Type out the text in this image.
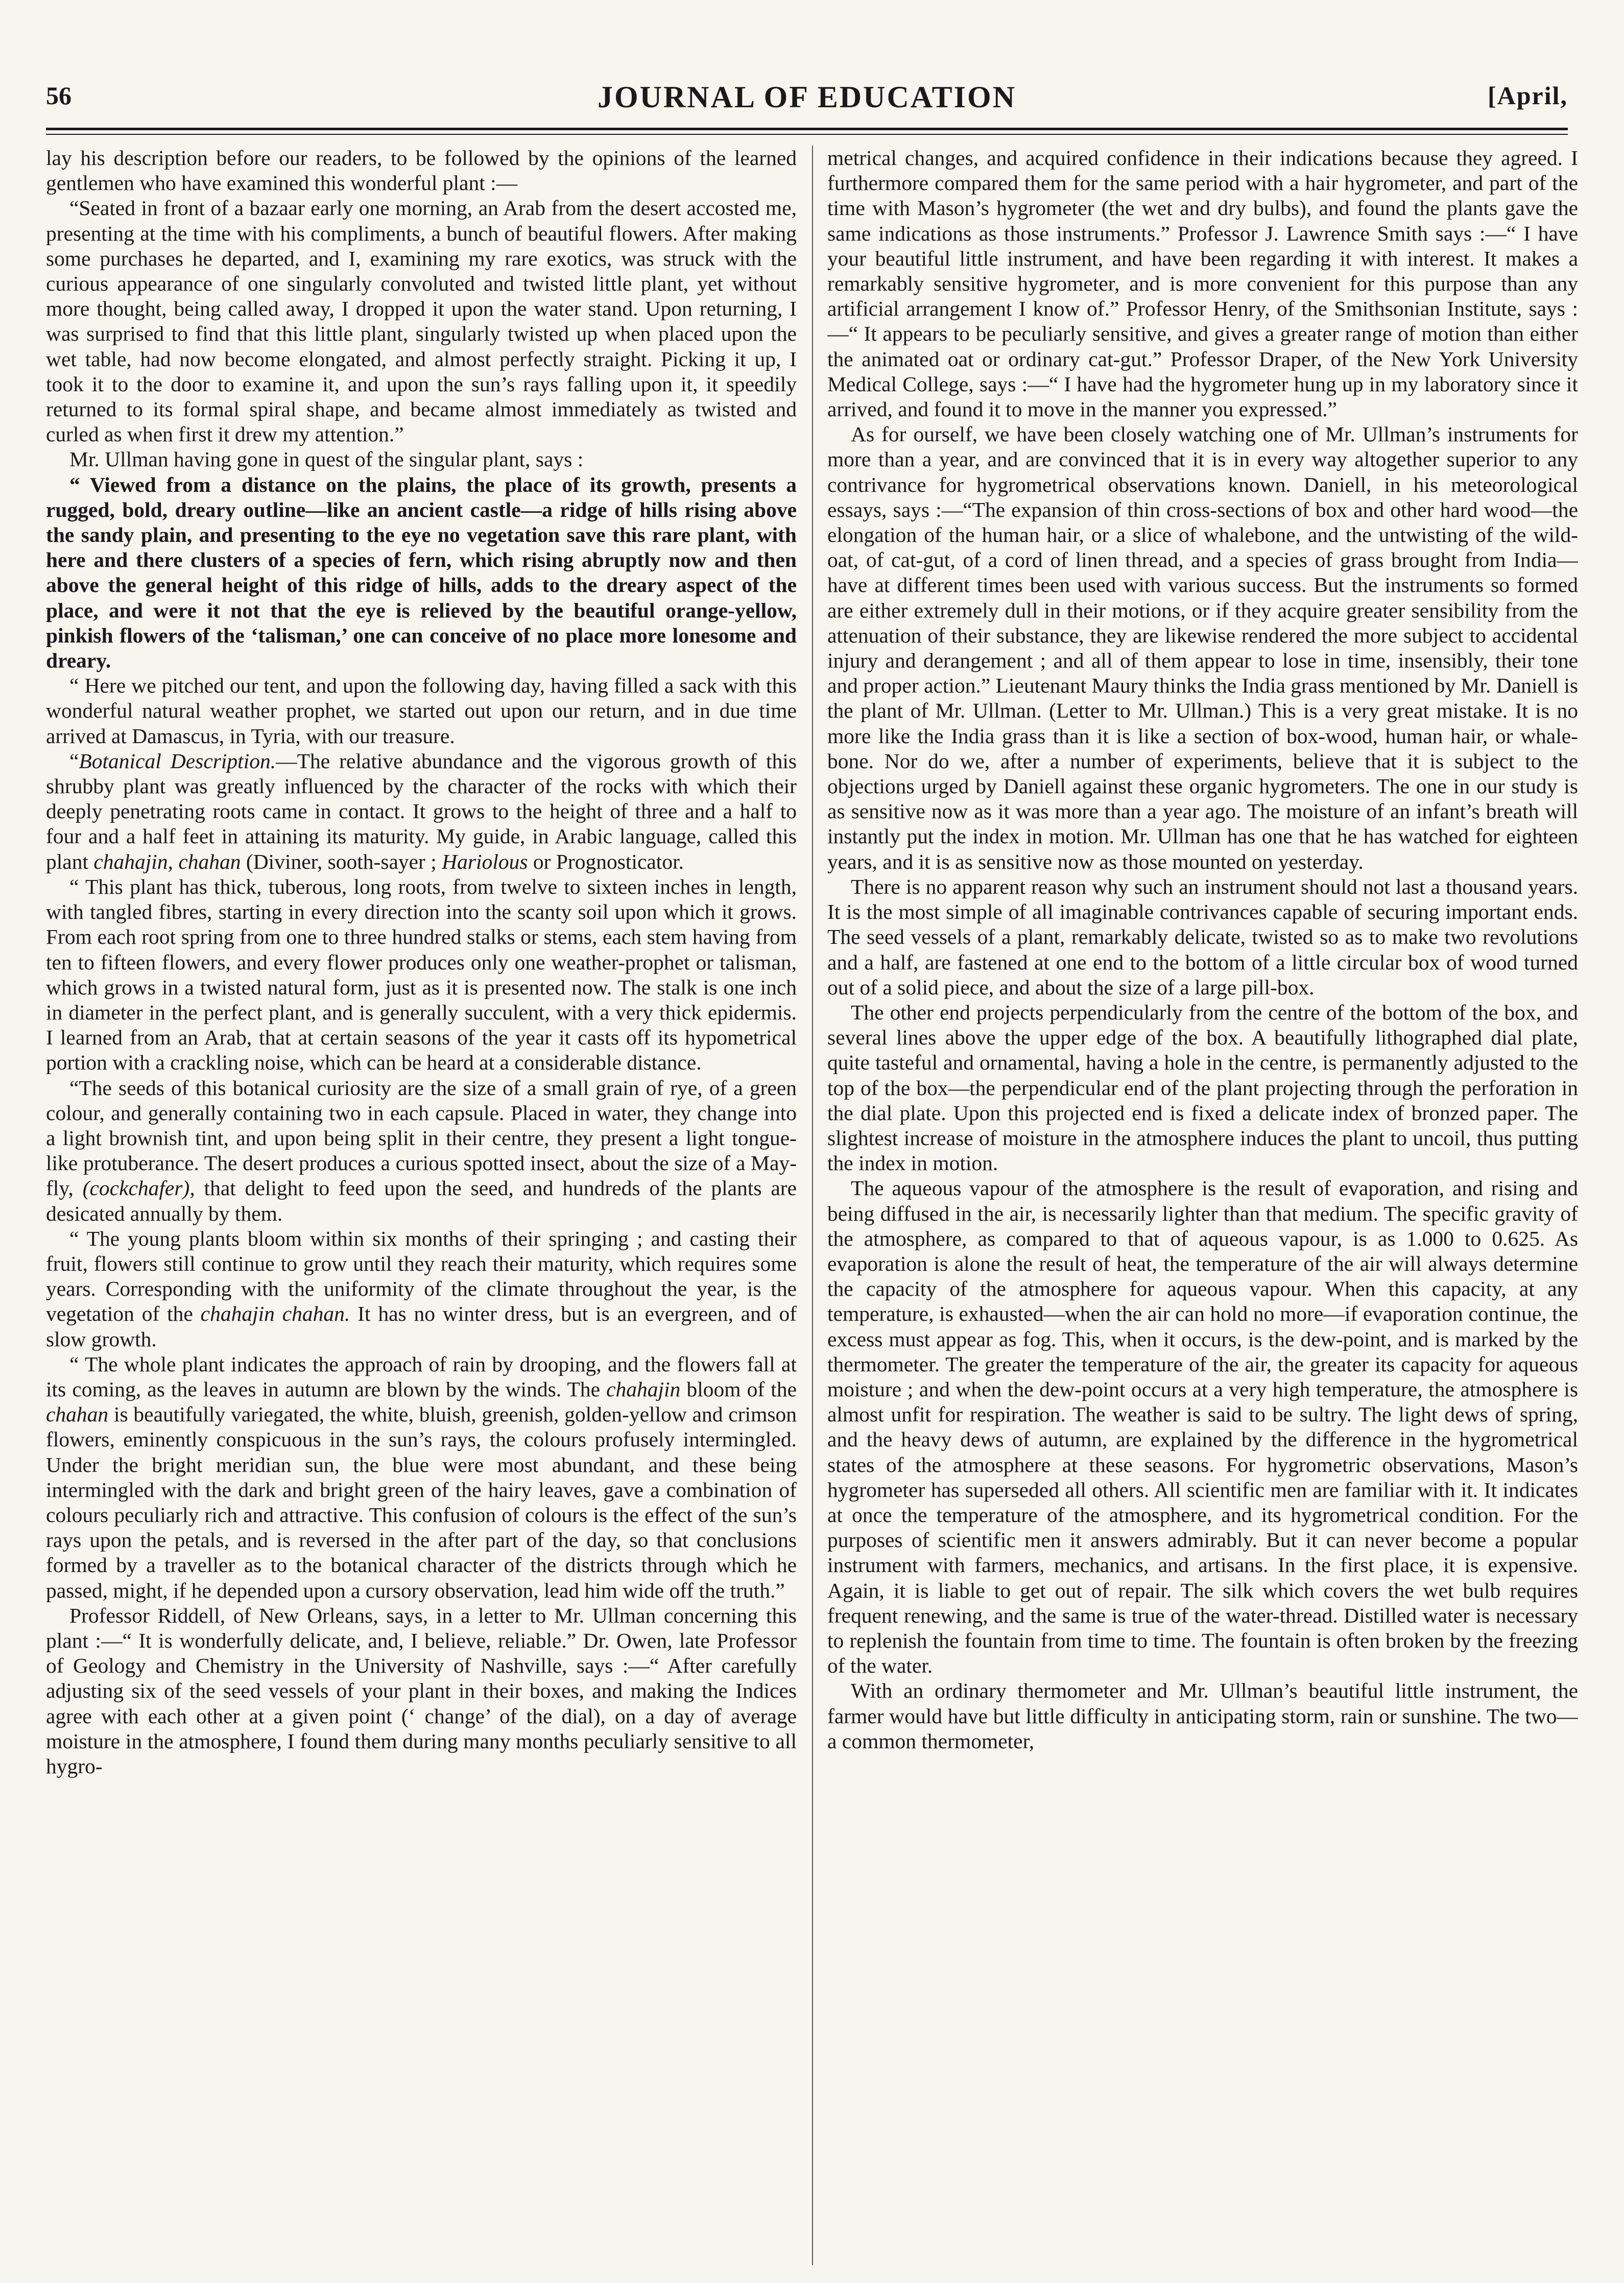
56	JOURNAL OF EDUCATION	[April,

lay his description before our readers, to be followed by the opinions of the learned gentlemen who have examined this wonderful plant :—

“Seated in front of a bazaar early one morning, an Arab from the desert accosted me, presenting at the time with his compliments, a bunch of beautiful flowers. After making some purchases he departed, and I, examining my rare exotics, was struck with the curious appearance of one singularly convoluted and twisted little plant, yet without more thought, being called away, I dropped it upon the water stand. Upon returning, I was surprised to find that this little plant, singularly twisted up when placed upon the wet table, had now become elongated, and almost perfectly straight. Picking it up, I took it to the door to examine it, and upon the sun’s rays falling upon it, it speedily returned to its formal spiral shape, and became almost immediately as twisted and curled as when first it drew my attention.”

Mr. Ullman having gone in quest of the singular plant, says :

“ Viewed from a distance on the plains, the place of its growth, presents a rugged, bold, dreary outline—like an ancient castle—a ridge of hills rising above the sandy plain, and presenting to the eye no vegetation save this rare plant, with here and there clusters of a species of fern, which rising abruptly now and then above the general height of this ridge of hills, adds to the dreary aspect of the place, and were it not that the eye is relieved by the beautiful orange-yellow, pinkish flowers of the ‘talisman,’ one can conceive of no place more lonesome and dreary.

“ Here we pitched our tent, and upon the following day, having filled a sack with this wonderful natural weather prophet, we started out upon our return, and in due time arrived at Damascus, in Tyria, with our treasure.

“Botanical Description.—The relative abundance and the vigorous growth of this shrubby plant was greatly influenced by the character of the rocks with which their deeply penetrating roots came in contact. It grows to the height of three and a half to four and a half feet in attaining its maturity. My guide, in Arabic language, called this plant chahajin, chahan (Diviner, sooth-sayer ; Hariolous or Prognosticator.

“ This plant has thick, tuberous, long roots, from twelve to sixteen inches in length, with tangled fibres, starting in every direction into the scanty soil upon which it grows. From each root spring from one to three hundred stalks or stems, each stem having from ten to fifteen flowers, and every flower produces only one weather-prophet or talisman, which grows in a twisted natural form, just as it is presented now. The stalk is one inch in diameter in the perfect plant, and is generally succulent, with a very thick epidermis. I learned from an Arab, that at certain seasons of the year it casts off its hypometrical portion with a crackling noise, which can be heard at a considerable distance.

“The seeds of this botanical curiosity are the size of a small grain of rye, of a green colour, and generally containing two in each capsule. Placed in water, they change into a light brownish tint, and upon being split in their centre, they present a light tongue-like protuberance. The desert produces a curious spotted insect, about the size of a May-fly, (cockchafer), that delight to feed upon the seed, and hundreds of the plants are desicated annually by them.

“ The young plants bloom within six months of their springing ; and casting their fruit, flowers still continue to grow until they reach their maturity, which requires some years. Corresponding with the uniformity of the climate throughout the year, is the vegetation of the chahajin chahan. It has no winter dress, but is an evergreen, and of slow growth.

“ The whole plant indicates the approach of rain by drooping, and the flowers fall at its coming, as the leaves in autumn are blown by the winds. The chahajin bloom of the chahan is beautifully variegated, the white, bluish, greenish, golden-yellow and crimson flowers, eminently conspicuous in the sun’s rays, the colours profusely intermingled. Under the bright meridian sun, the blue were most abundant, and these being intermingled with the dark and bright green of the hairy leaves, gave a combination of colours peculiarly rich and attractive. This confusion of colours is the effect of the sun’s rays upon the petals, and is reversed in the after part of the day, so that conclusions formed by a traveller as to the botanical character of the districts through which he passed, might, if he depended upon a cursory observation, lead him wide off the truth.”

Professor Riddell, of New Orleans, says, in a letter to Mr. Ullman concerning this plant :—“ It is wonderfully delicate, and, I believe, reliable.” Dr. Owen, late Professor of Geology and Chemistry in the University of Nashville, says :—“ After carefully adjusting six of the seed vessels of your plant in their boxes, and making the Indices agree with each other at a given point (‘ change’ of the dial), on a day of average moisture in the atmosphere, I found them during many months peculiarly sensitive to all hygro-

metrical changes, and acquired confidence in their indications because they agreed. I furthermore compared them for the same period with a hair hygrometer, and part of the time with Mason’s hygrometer (the wet and dry bulbs), and found the plants gave the same indications as those instruments.” Professor J. Lawrence Smith says :—“ I have your beautiful little instrument, and have been regarding it with interest. It makes a remarkably sensitive hygrometer, and is more convenient for this purpose than any artificial arrangement I know of.” Professor Henry, of the Smithsonian Institute, says :—“ It appears to be peculiarly sensitive, and gives a greater range of motion than either the animated oat or ordinary cat-gut.” Professor Draper, of the New York University Medical College, says :—“ I have had the hygrometer hung up in my laboratory since it arrived, and found it to move in the manner you expressed.”

As for ourself, we have been closely watching one of Mr. Ullman’s instruments for more than a year, and are convinced that it is in every way altogether superior to any contrivance for hygrometrical observations known. Daniell, in his meteorological essays, says :—“The expansion of thin cross-sections of box and other hard wood—the elongation of the human hair, or a slice of whalebone, and the untwisting of the wild-oat, of cat-gut, of a cord of linen thread, and a species of grass brought from India—have at different times been used with various success. But the instruments so formed are either extremely dull in their motions, or if they acquire greater sensibility from the attenuation of their substance, they are likewise rendered the more subject to accidental injury and derangement ; and all of them appear to lose in time, insensibly, their tone and proper action.” Lieutenant Maury thinks the India grass mentioned by Mr. Daniell is the plant of Mr. Ullman. (Letter to Mr. Ullman.) This is a very great mistake. It is no more like the India grass than it is like a section of box-wood, human hair, or whale-bone. Nor do we, after a number of experiments, believe that it is subject to the objections urged by Daniell against these organic hygrometers. The one in our study is as sensitive now as it was more than a year ago. The moisture of an infant’s breath will instantly put the index in motion. Mr. Ullman has one that he has watched for eighteen years, and it is as sensitive now as those mounted on yesterday.

There is no apparent reason why such an instrument should not last a thousand years. It is the most simple of all imaginable contrivances capable of securing important ends. The seed vessels of a plant, remarkably delicate, twisted so as to make two revolutions and a half, are fastened at one end to the bottom of a little circular box of wood turned out of a solid piece, and about the size of a large pill-box.

The other end projects perpendicularly from the centre of the bottom of the box, and several lines above the upper edge of the box. A beautifully lithographed dial plate, quite tasteful and ornamental, having a hole in the centre, is permanently adjusted to the top of the box—the perpendicular end of the plant projecting through the perforation in the dial plate. Upon this projected end is fixed a delicate index of bronzed paper. The slightest increase of moisture in the atmosphere induces the plant to uncoil, thus putting the index in motion.

The aqueous vapour of the atmosphere is the result of evaporation, and rising and being diffused in the air, is necessarily lighter than that medium. The specific gravity of the atmosphere, as compared to that of aqueous vapour, is as 1.000 to 0.625. As evaporation is alone the result of heat, the temperature of the air will always determine the capacity of the atmosphere for aqueous vapour. When this capacity, at any temperature, is exhausted—when the air can hold no more—if evaporation continue, the excess must appear as fog. This, when it occurs, is the dew-point, and is marked by the thermometer. The greater the temperature of the air, the greater its capacity for aqueous moisture ; and when the dew-point occurs at a very high temperature, the atmosphere is almost unfit for respiration. The weather is said to be sultry. The light dews of spring, and the heavy dews of autumn, are explained by the difference in the hygrometrical states of the atmosphere at these seasons. For hygrometric observations, Mason’s hygrometer has superseded all others. All scientific men are familiar with it. It indicates at once the temperature of the atmosphere, and its hygrometrical condition. For the purposes of scientific men it answers admirably. But it can never become a popular instrument with farmers, mechanics, and artisans. In the first place, it is expensive. Again, it is liable to get out of repair. The silk which covers the wet bulb requires frequent renewing, and the same is true of the water-thread. Distilled water is necessary to replenish the fountain from time to time. The fountain is often broken by the freezing of the water.

With an ordinary thermometer and Mr. Ullman’s beautiful little instrument, the farmer would have but little difficulty in anticipating storm, rain or sunshine. The two—a common thermometer,
